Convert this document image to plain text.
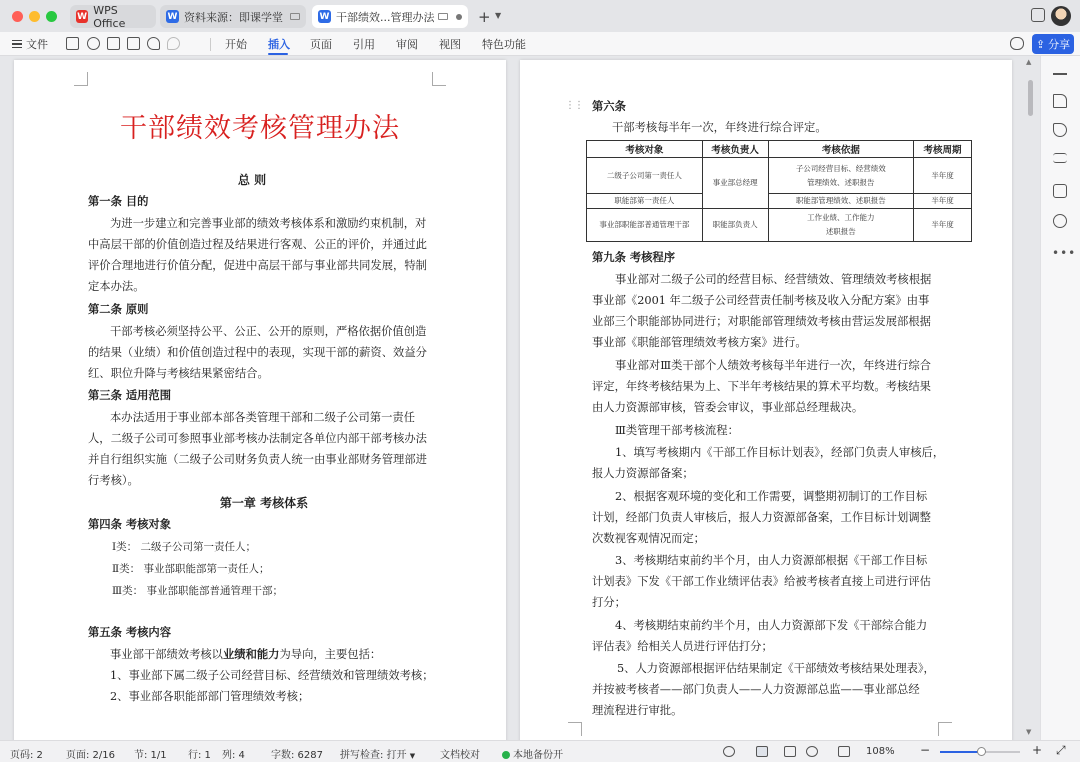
W WPS Office	W 资料来源：即课学堂	W 干部绩效...管理办法	+ ▼
文件	开始 插入 页面 引用 审阅 视图 特色功能	⇪ 分享
干部绩效考核管理办法
总 则
第一条 目的
为进一步建立和完善事业部的绩效考核体系和激励约束机制，对
中高层干部的价值创造过程及结果进行客观、公正的评价，并通过此
评价合理地进行价值分配，促进中高层干部与事业部共同发展，特制
定本办法。
第二条 原则
干部考核必须坚持公平、公正、公开的原则，严格依据价值创造
的结果（业绩）和价值创造过程中的表现，实现干部的薪资、效益分
红、职位升降与考核结果紧密结合。
第三条 适用范围
本办法适用于事业部本部各类管理干部和二级子公司第一责任
人，二级子公司可参照事业部考核办法制定各单位内部干部考核办法
并自行组织实施（二级子公司财务负责人统一由事业部财务管理部进
行考核）。
第一章 考核体系
第四条 考核对象
Ⅰ类： 二级子公司第一责任人；
Ⅱ类： 事业部职能部第一责任人；
Ⅲ类： 事业部职能部普通管理干部；
第五条 考核内容
事业部干部绩效考核以业绩和能力为导向，主要包括：
1、事业部下属二级子公司经营目标、经营绩效和管理绩效考核；
2、事业部各职能部部门管理绩效考核；
⋮⋮ 第六条
干部考核每半年一次，年终进行综合评定。
考核对象	考核负责人	考核依据	考核周期
二级子公司第一责任人	事业部总经理	子公司经营目标、经营绩效
管理绩效、述职报告	半年度
职能部第一责任人		职能部管理绩效、述职报告	半年度
事业部职能部普通管理干部	职能部负责人	工作业绩、工作能力
述职报告	半年度
第九条 考核程序
事业部对二级子公司的经营目标、经营绩效、管理绩效考核根据
事业部《2001 年二级子公司经营责任制考核及收入分配方案》由事
业部三个职能部协同进行；对职能部管理绩效考核由营运发展部根据
事业部《职能部管理绩效考核方案》进行。
事业部对Ⅲ类干部个人绩效考核每半年进行一次，年终进行综合
评定，年终考核结果为上、下半年考核结果的算术平均数。考核结果
由人力资源部审核，管委会审议，事业部总经理裁决。
Ⅲ类管理干部考核流程：
1、填写考核期内《干部工作目标计划表》，经部门负责人审核后，
报人力资源部备案；
2、根据客观环境的变化和工作需要，调整期初制订的工作目标
计划，经部门负责人审核后，报人力资源部备案，工作目标计划调整
次数视客观情况而定；
3、考核期结束前约半个月，由人力资源部根据《干部工作目标
计划表》下发《干部工作业绩评估表》给被考核者直接上司进行评估
打分；
4、考核期结束前约半个月，由人力资源部下发《干部综合能力
评估表》给相关人员进行评估打分；
5、人力资源部根据评估结果制定《干部绩效考核结果处理表》，
并按被考核者——部门负责人——人力资源部总监——事业部总经
理流程进行审批。
▲
▼
•••
页码: 2 页面: 2/16 节: 1/1 行: 1 列: 4	字数: 6287 拼写检查: 打开 ▼ 文档校对	本地备份开	108% −	+ ⤢
